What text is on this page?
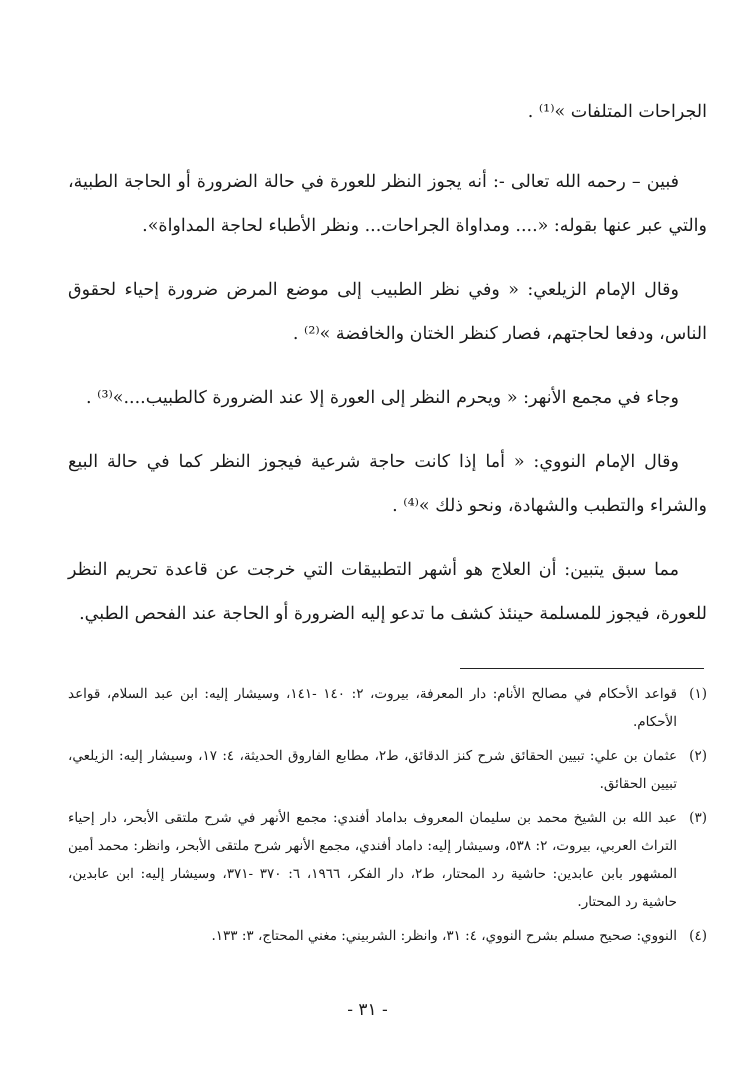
الجراحات المتلفات »⁽¹⁾ .

فبين – رحمه الله تعالى -: أنه يجوز النظر للعورة في حالة الضرورة أو الحاجة الطبية، والتي عبر عنها بقوله: «.... ومداواة الجراحات... ونظر الأطباء لحاجة المداواة».

وقال الإمام الزيلعي: « وفي نظر الطبيب إلى موضع المرض ضرورة إحياء لحقوق الناس، ودفعا لحاجتهم، فصار كنظر الختان والخافضة »⁽²⁾ .

وجاء في مجمع الأنهر: « ويحرم النظر إلى العورة إلا عند الضرورة كالطبيب....»⁽³⁾ .

وقال الإمام النووي: « أما إذا كانت حاجة شرعية فيجوز النظر كما في حالة البيع والشراء والتطبب والشهادة، ونحو ذلك »⁽⁴⁾ .

مما سبق يتبين: أن العلاج هو أشهر التطبيقات التي خرجت عن قاعدة تحريم النظر للعورة، فيجوز للمسلمة حينئذ كشف ما تدعو إليه الضرورة أو الحاجة عند الفحص الطبي.

(١)
قواعد الأحكام في مصالح الأنام: دار المعرفة، بيروت، ٢: ١٤٠ -١٤١، وسيشار إليه: ابن عبد السلام، قواعد الأحكام.
(٢)
عثمان بن علي: تبيين الحقائق شرح كنز الدقائق، ط٢، مطابع الفاروق الحديثة، ٤: ١٧، وسيشار إليه: الزيلعي، تبيين الحقائق.
(٣)
عبد الله بن الشيخ محمد بن سليمان المعروف بداماد أفندي: مجمع الأنهر في شرح ملتقى الأبحر، دار إحياء التراث العربي، بيروت، ٢: ٥٣٨، وسيشار إليه: داماد أفندي، مجمع الأنهر شرح ملتقى الأبحر، وانظر: محمد أمين المشهور بابن عابدين: حاشية رد المحتار، ط٢، دار الفكر، ١٩٦٦، ٦: ٣٧٠ -٣٧١، وسيشار إليه: ابن عابدين، حاشية رد المحتار.
(٤)
النووي: صحيح مسلم بشرح النووي، ٤: ٣١، وانظر: الشربيني: مغني المحتاج، ٣: ١٣٣.
- ٣١ -
